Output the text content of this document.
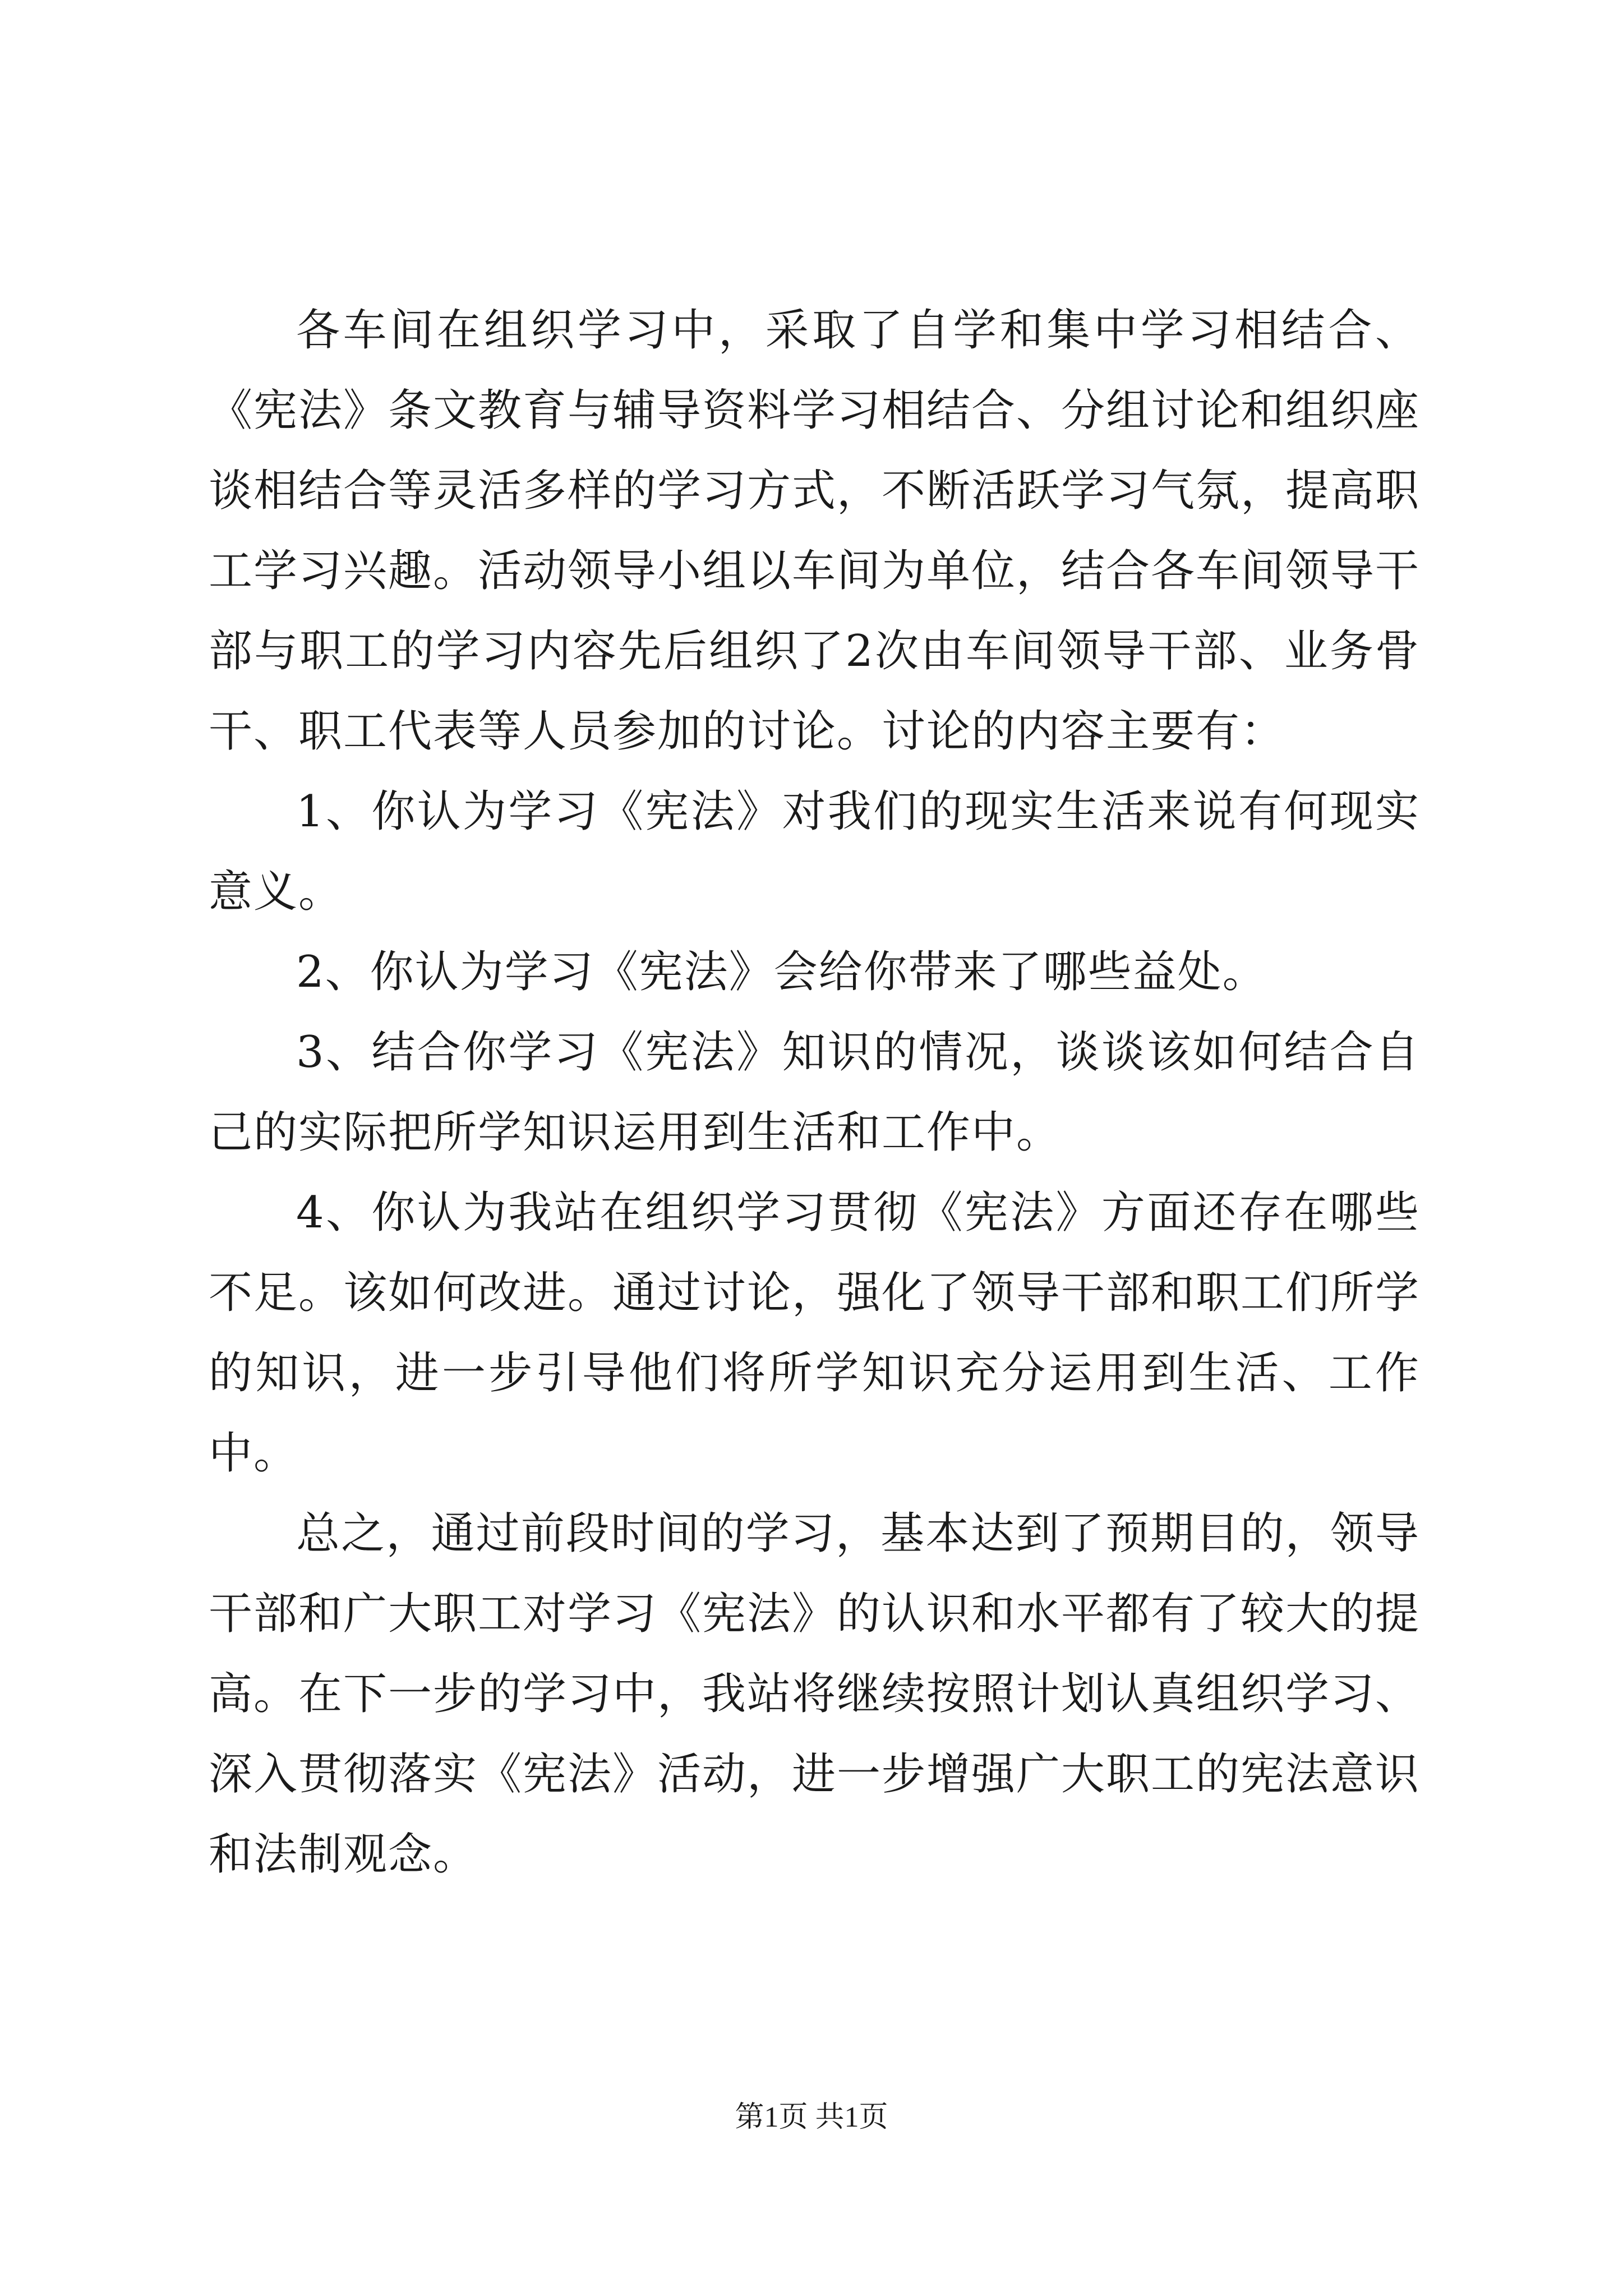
各车间在组织学习中，采取了自学和集中学习相结合、《宪法》条文教育与辅导资料学习相结合、分组讨论和组织座谈相结合等灵活多样的学习方式，不断活跃学习气氛，提高职工学习兴趣。活动领导小组以车间为单位，结合各车间领导干部与职工的学习内容先后组织了2次由车间领导干部、业务骨干、职工代表等人员参加的讨论。讨论的内容主要有：

1、你认为学习《宪法》对我们的现实生活来说有何现实意义。

2、你认为学习《宪法》会给你带来了哪些益处。

3、结合你学习《宪法》知识的情况，谈谈该如何结合自己的实际把所学知识运用到生活和工作中。

4、你认为我站在组织学习贯彻《宪法》方面还存在哪些不足。该如何改进。通过讨论，强化了领导干部和职工们所学的知识，进一步引导他们将所学知识充分运用到生活、工作中。

总之，通过前段时间的学习，基本达到了预期目的，领导干部和广大职工对学习《宪法》的认识和水平都有了较大的提高。在下一步的学习中，我站将继续按照计划认真组织学习、深入贯彻落实《宪法》活动，进一步增强广大职工的宪法意识和法制观念。

第1页 共1页
